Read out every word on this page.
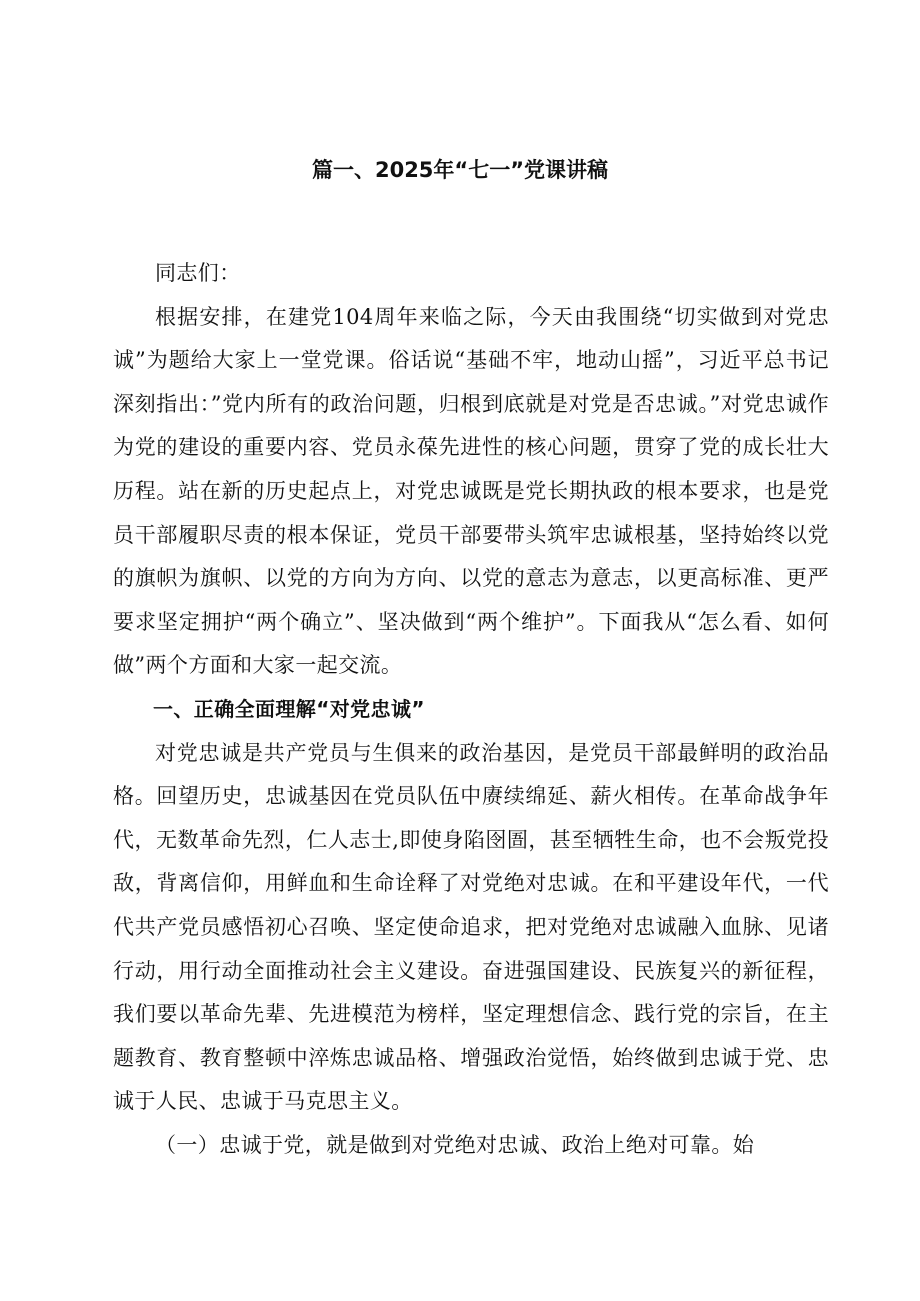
篇一、2025年“七一”党课讲稿

同志们：

根据安排，在建党104周年来临之际，今天由我围绕“切实做到对党忠诚”为题给大家上一堂党课。俗话说“基础不牢，地动山摇”，习近平总书记深刻指出：”党内所有的政治问题，归根到底就是对党是否忠诚。”对党忠诚作为党的建设的重要内容、党员永葆先进性的核心问题，贯穿了党的成长壮大历程。站在新的历史起点上，对党忠诚既是党长期执政的根本要求，也是党员干部履职尽责的根本保证，党员干部要带头筑牢忠诚根基，坚持始终以党的旗帜为旗帜、以党的方向为方向、以党的意志为意志，以更高标准、更严要求坚定拥护“两个确立”、坚决做到“两个维护”。下面我从“怎么看、如何做”两个方面和大家一起交流。

一、正确全面理解“对党忠诚”

对党忠诚是共产党员与生俱来的政治基因，是党员干部最鲜明的政治品格。回望历史，忠诚基因在党员队伍中赓续绵延、薪火相传。在革命战争年代，无数革命先烈，仁人志士,即使身陷囹圄，甚至牺牲生命，也不会叛党投敌，背离信仰，用鲜血和生命诠释了对党绝对忠诚。在和平建设年代，一代代共产党员感悟初心召唤、坚定使命追求，把对党绝对忠诚融入血脉、见诸行动，用行动全面推动社会主义建设。奋进强国建设、民族复兴的新征程，我们要以革命先辈、先进模范为榜样，坚定理想信念、践行党的宗旨，在主题教育、教育整顿中淬炼忠诚品格、增强政治觉悟，始终做到忠诚于党、忠诚于人民、忠诚于马克思主义。

（一）忠诚于党，就是做到对党绝对忠诚、政治上绝对可靠。始
